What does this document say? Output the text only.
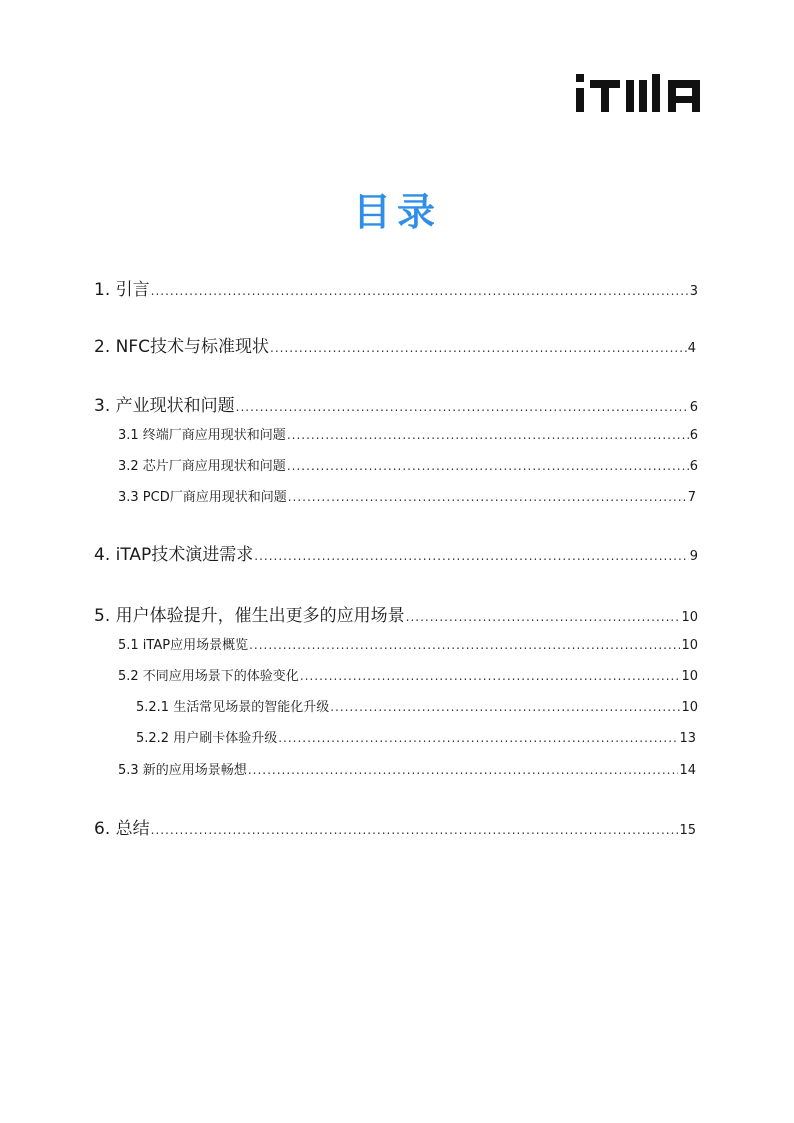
目录
1. 引言 .....	3
2. NFC技术与标准现状 .....	4
3. 产业现状和问题 .....	6
3.1 终端厂商应用现状和问题 .....	6
3.2 芯片厂商应用现状和问题 .....	6
3.3 PCD厂商应用现状和问题 .....	7
4. iTAP技术演进需求 .....	9
5. 用户体验提升，催生出更多的应用场景 .....	10
5.1 iTAP应用场景概览 .....	10
5.2 不同应用场景下的体验变化 .....	10
5.2.1 生活常见场景的智能化升级 .....	10
5.2.2 用户刷卡体验升级 .....	13
5.3 新的应用场景畅想 .....	14
6. 总结 .....	15
